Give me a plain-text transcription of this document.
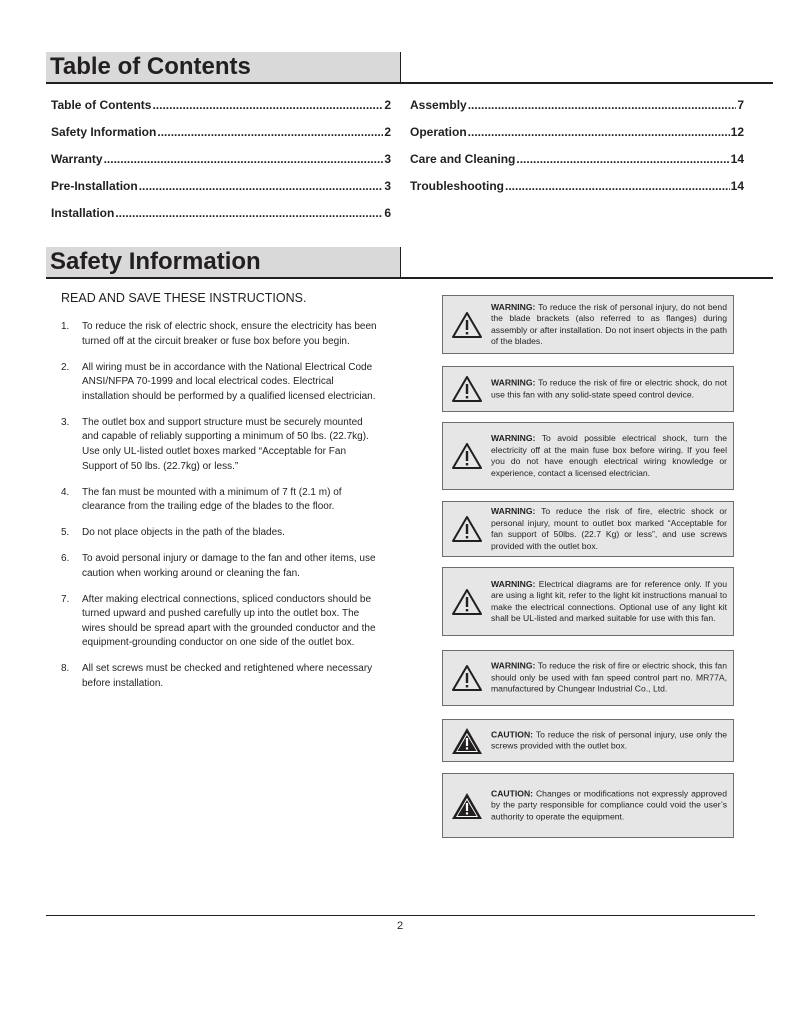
Table of Contents
Table of Contents .....	2
Safety Information .....	2
Warranty .....	3
Pre-Installation .....	3
Installation .....	6
Assembly .....	7
Operation .....	12
Care and Cleaning .....	14
Troubleshooting .....	14
Safety Information
READ AND SAVE THESE INSTRUCTIONS.
1. To reduce the risk of electric shock, ensure the electricity has been turned off at the circuit breaker or fuse box before you begin.
2. All wiring must be in accordance with the National Electrical Code ANSI/NFPA 70-1999 and local electrical codes. Electrical installation should be performed by a qualified licensed electrician.
3. The outlet box and support structure must be securely mounted and capable of reliably supporting a minimum of 50 lbs. (22.7kg). Use only UL-listed outlet boxes marked “Acceptable for Fan Support of 50 lbs. (22.7kg) or less.”
4. The fan must be mounted with a minimum of 7 ft (2.1 m) of clearance from the trailing edge of the blades to the floor.
5. Do not place objects in the path of the blades.
6. To avoid personal injury or damage to the fan and other items, use caution when working around or cleaning the fan.
7. After making electrical connections, spliced conductors should be turned upward and pushed carefully up into the outlet box. The wires should be spread apart with the grounded conductor and the equipment-grounding conductor on one side of the outlet box.
8. All set screws must be checked and retightened where necessary before installation.
WARNING: To reduce the risk of personal injury, do not bend the blade brackets (also referred to as flanges) during assembly or after installation. Do not insert objects in the path of the blades.
WARNING: To reduce the risk of fire or electric shock, do not use this fan with any solid-state speed control device.
WARNING: To avoid possible electrical shock, turn the electricity off at the main fuse box before wiring. If you feel you do not have enough electrical wiring knowledge or experience, contact a licensed electrician.
WARNING: To reduce the risk of fire, electric shock or personal injury, mount to outlet box marked “Acceptable for fan support of 50lbs. (22.7 Kg) or less”, and use screws provided with the outlet box.
WARNING: Electrical diagrams are for reference only. If you are using a light kit, refer to the light kit instructions manual to make the electrical connections. Optional use of any light kit shall be UL-listed and marked suitable for use with this fan.
WARNING: To reduce the risk of fire or electric shock, this fan should only be used with fan speed control part no. MR77A, manufactured by Chungear Industrial Co., Ltd.
CAUTION: To reduce the risk of personal injury, use only the screws provided with the outlet box.
CAUTION: Changes or modifications not expressly approved by the party responsible for compliance could void the user’s authority to operate the equipment.
2
